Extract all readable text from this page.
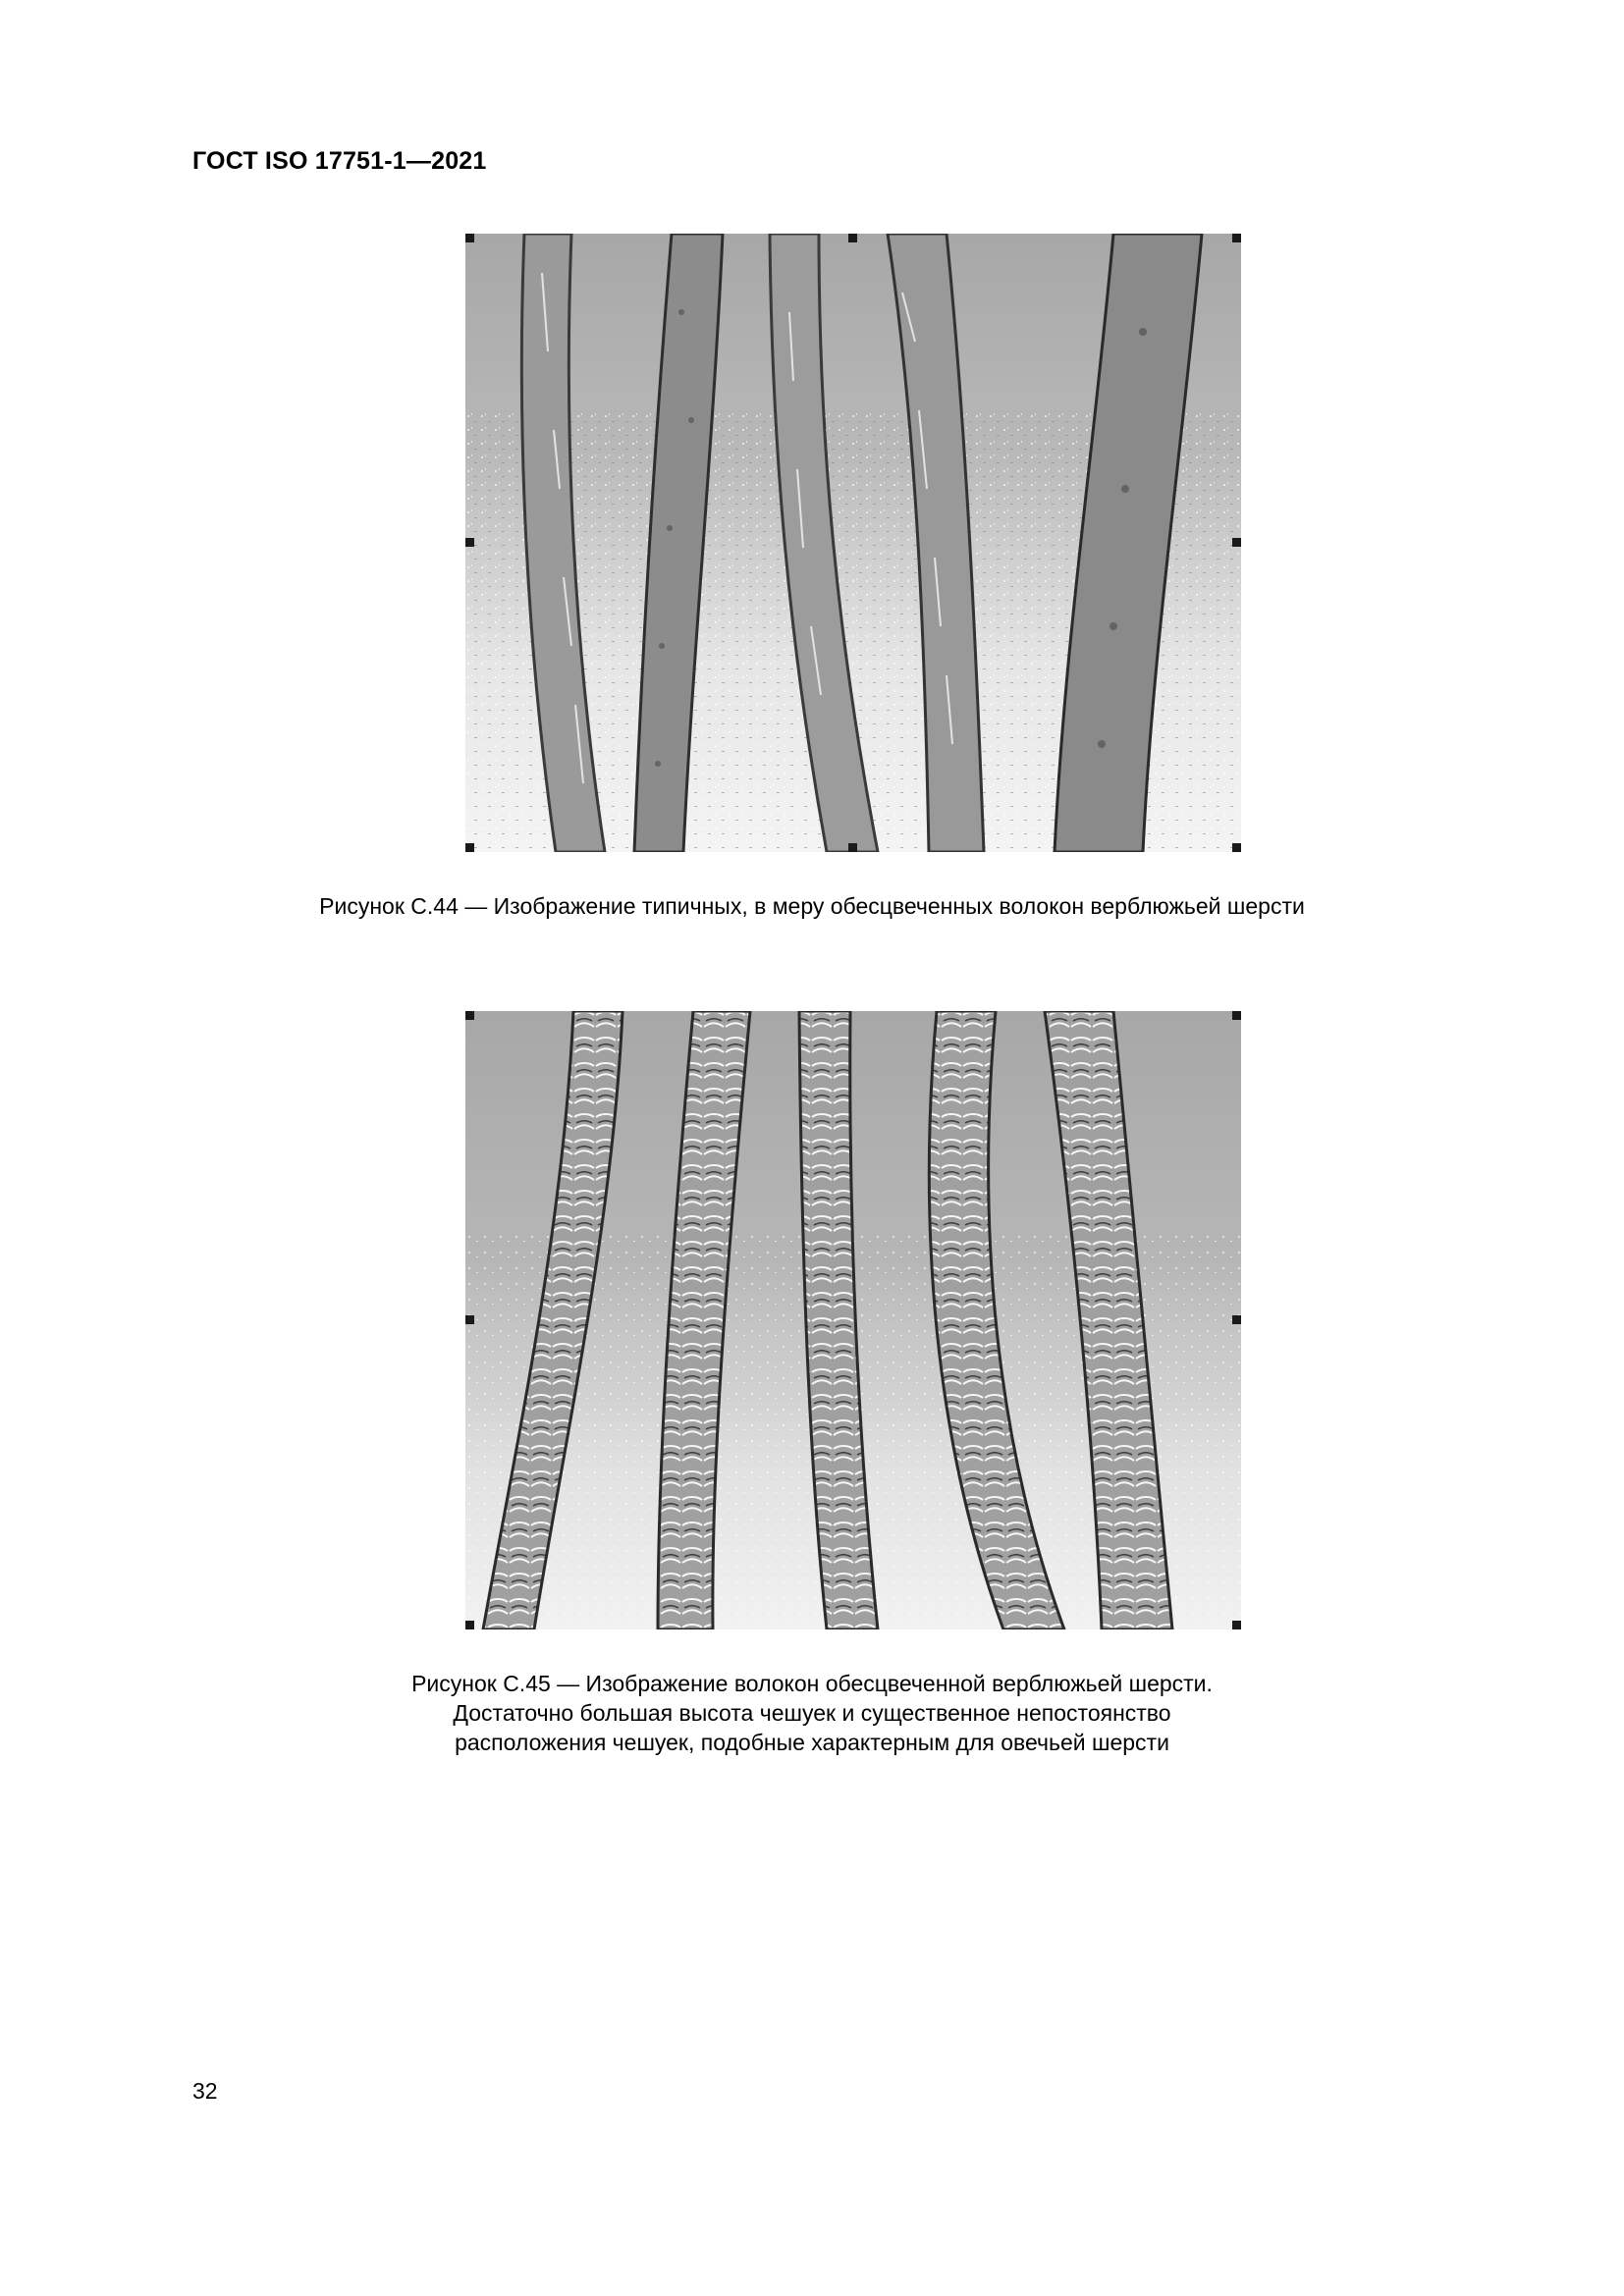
ГОСТ ISO 17751-1—2021
Рисунок С.44 — Изображение типичных, в меру обесцвеченных волокон верблюжьей шерсти
Рисунок С.45 — Изображение волокон обесцвеченной верблюжьей шерсти.
Достаточно большая высота чешуек и существенное непостоянство
расположения чешуек, подобные характерным для овечьей шерсти
32
